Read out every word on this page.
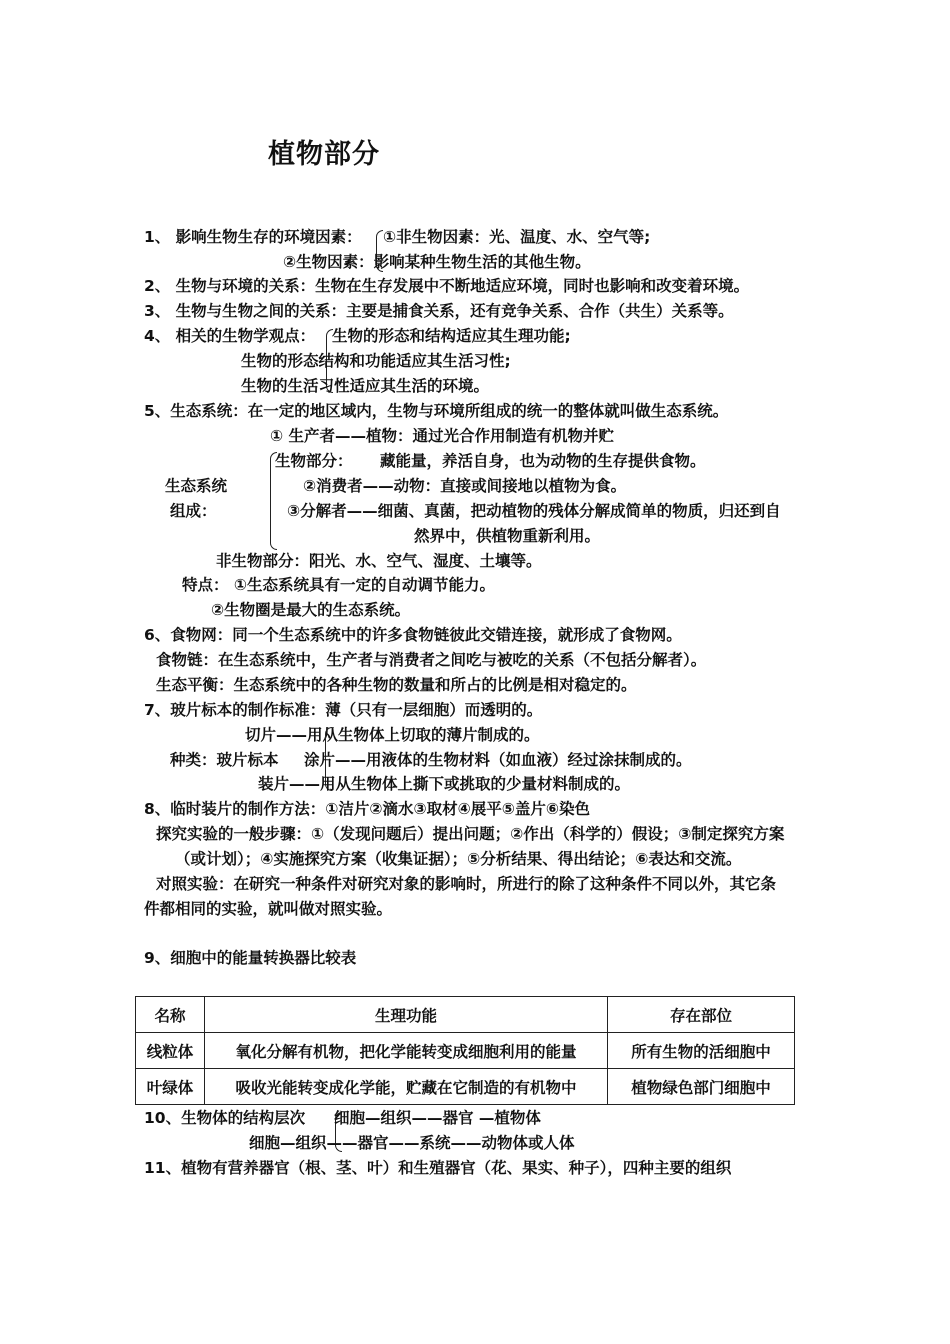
植物部分
1、 影响生物生存的环境因素： ①非生物因素：光、温度、水、空气等;
②生物因素：影响某种生物生活的其他生物。
2、 生物与环境的关系：生物在生存发展中不断地适应环境，同时也影响和改变着环境。
3、 生物与生物之间的关系：主要是捕食关系，还有竞争关系、合作（共生）关系等。
4、 相关的生物学观点： 生物的形态和结构适应其生理功能;
生物的形态结构和功能适应其生活习性;
生物的生活习性适应其生活的环境。
5、生态系统：在一定的地区域内，生物与环境所组成的统一的整体就叫做生态系统。
① 生产者——植物：通过光合作用制造有机物并贮
生物部分： 藏能量，养活自身，也为动物的生存提供食物。
生态系统	②消费者——动物：直接或间接地以植物为食。
组成：	③分解者——细菌、真菌，把动植物的残体分解成简单的物质，归还到自
然界中，供植物重新利用。
非生物部分：阳光、水、空气、湿度、土壤等。
特点： ①生态系统具有一定的自动调节能力。
②生物圈是最大的生态系统。
6、食物网：同一个生态系统中的许多食物链彼此交错连接，就形成了食物网。
食物链：在生态系统中，生产者与消费者之间吃与被吃的关系（不包括分解者）。
生态平衡：生态系统中的各种生物的数量和所占的比例是相对稳定的。
7、玻片标本的制作标准：薄（只有一层细胞）而透明的。
切片——用从生物体上切取的薄片制成的。
种类：玻片标本 涂片——用液体的生物材料（如血液）经过涂抹制成的。
装片——用从生物体上撕下或挑取的少量材料制成的。
8、临时装片的制作方法：①洁片②滴水③取材④展平⑤盖片⑥染色
探究实验的一般步骤：①（发现问题后）提出问题；②作出（科学的）假设；③制定探究方案
（或计划）；④实施探究方案（收集证据）；⑤分析结果、得出结论；⑥表达和交流。
对照实验：在研究一种条件对研究对象的影响时，所进行的除了这种条件不同以外，其它条
件都相同的实验，就叫做对照实验。
9、细胞中的能量转换器比较表
名称	生理功能	存在部位
线粒体	氧化分解有机物，把化学能转变成细胞利用的能量	所有生物的活细胞中
叶绿体	吸收光能转变成化学能，贮藏在它制造的有机物中	植物绿色部门细胞中
10、生物体的结构层次 细胞—组织——器官 —植物体
细胞—组织——器官——系统——动物体或人体
11、植物有营养器官（根、茎、叶）和生殖器官（花、果实、种子），四种主要的组织
